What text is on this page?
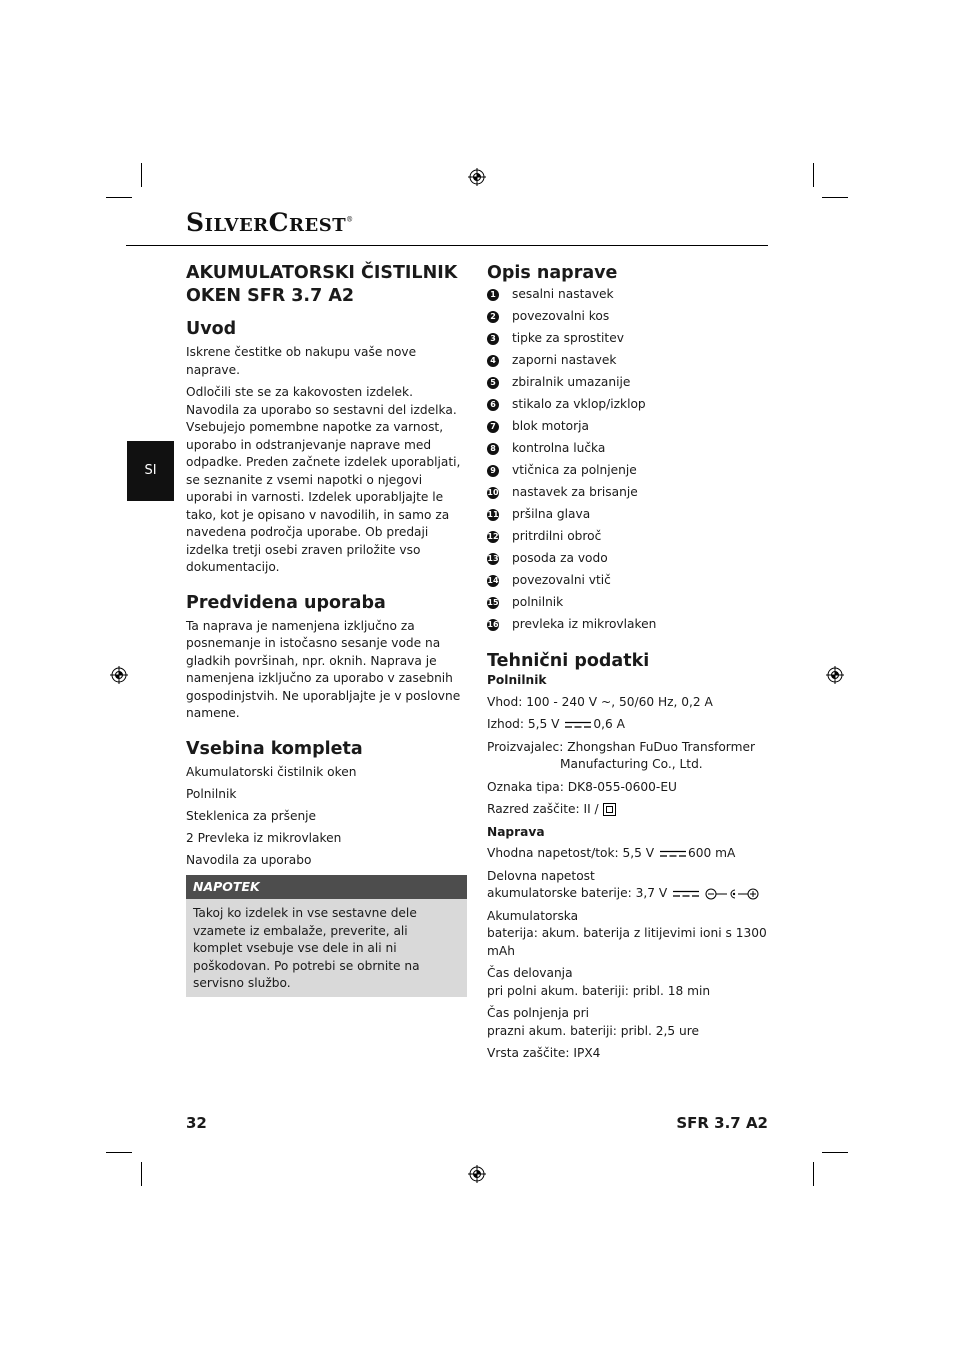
SilverCrest®
SI
AKUMULATORSKI ČISTILNIK
OKEN SFR 3.7 A2
Uvod

Iskrene čestitke ob nakupu vaše nove naprave.

Odločili ste se za kakovosten izdelek. Navodila za uporabo so sestavni del izdelka. Vsebujejo pomembne napotke za varnost, uporabo in odstranjevanje naprave med odpadke. Preden začnete izdelek uporabljati, se seznanite z vsemi napotki o njegovi uporabi in varnosti. Izdelek uporabljajte le tako, kot je opisano v navodilih, in samo za navedena področja uporabe. Ob predaji izdelka tretji osebi zraven priložite vso dokumentacijo.

Predvidena uporaba

Ta naprava je namenjena izključno za posnemanje in istočasno sesanje vode na gladkih površinah, npr. oknih. Naprava je namenjena izključno za uporabo v zasebnih gospodinjstvih. Ne uporabljajte je v poslovne namene.

Vsebina kompleta
Akumulatorski čistilnik oken
Polnilnik
Steklenica za pršenje
2 Prevleka iz mikrovlaken
Navodila za uporabo
NAPOTEK
Takoj ko izdelek in vse sestavne dele vzamete iz embalaže, preverite, ali komplet vsebuje vse dele in ali ni poškodovan. Po potrebi se obrnite na servisno službo.
Opis naprave
1 sesalni nastavek
2 povezovalni kos
3 tipke za sprostitev
4 zaporni nastavek
5 zbiralnik umazanije
6 stikalo za vklop/izklop
7 blok motorja
8 kontrolna lučka
9 vtičnica za polnjenje
10 nastavek za brisanje
11 pršilna glava
12 pritrdilni obroč
13 posoda za vodo
14 povezovalni vtič
15 polnilnik
16 prevleka iz mikrovlaken
Tehnični podatki
Polnilnik

Vhod: 100 - 240 V ~, 50/60 Hz, 0,2 A

Izhod: 5,5 V	0,6 A

Proizvajalec: Zhongshan FuDuo Transformer
Manufacturing Co., Ltd.

Oznaka tipa: DK8-055-0600-EU

Razred zaščite: II /

Naprava

Vhodna napetost/tok: 5,5 V	600 mA

Delovna napetost
akumulatorske baterije: 3,7 V

Akumulatorska
baterija: akum. baterija z litijevimi ioni s 1300 mAh

Čas delovanja
pri polni akum. bateriji: pribl. 18 min

Čas polnjenja pri
prazni akum. bateriji: pribl. 2,5 ure

Vrsta zaščite: IPX4

32	SFR 3.7 A2
